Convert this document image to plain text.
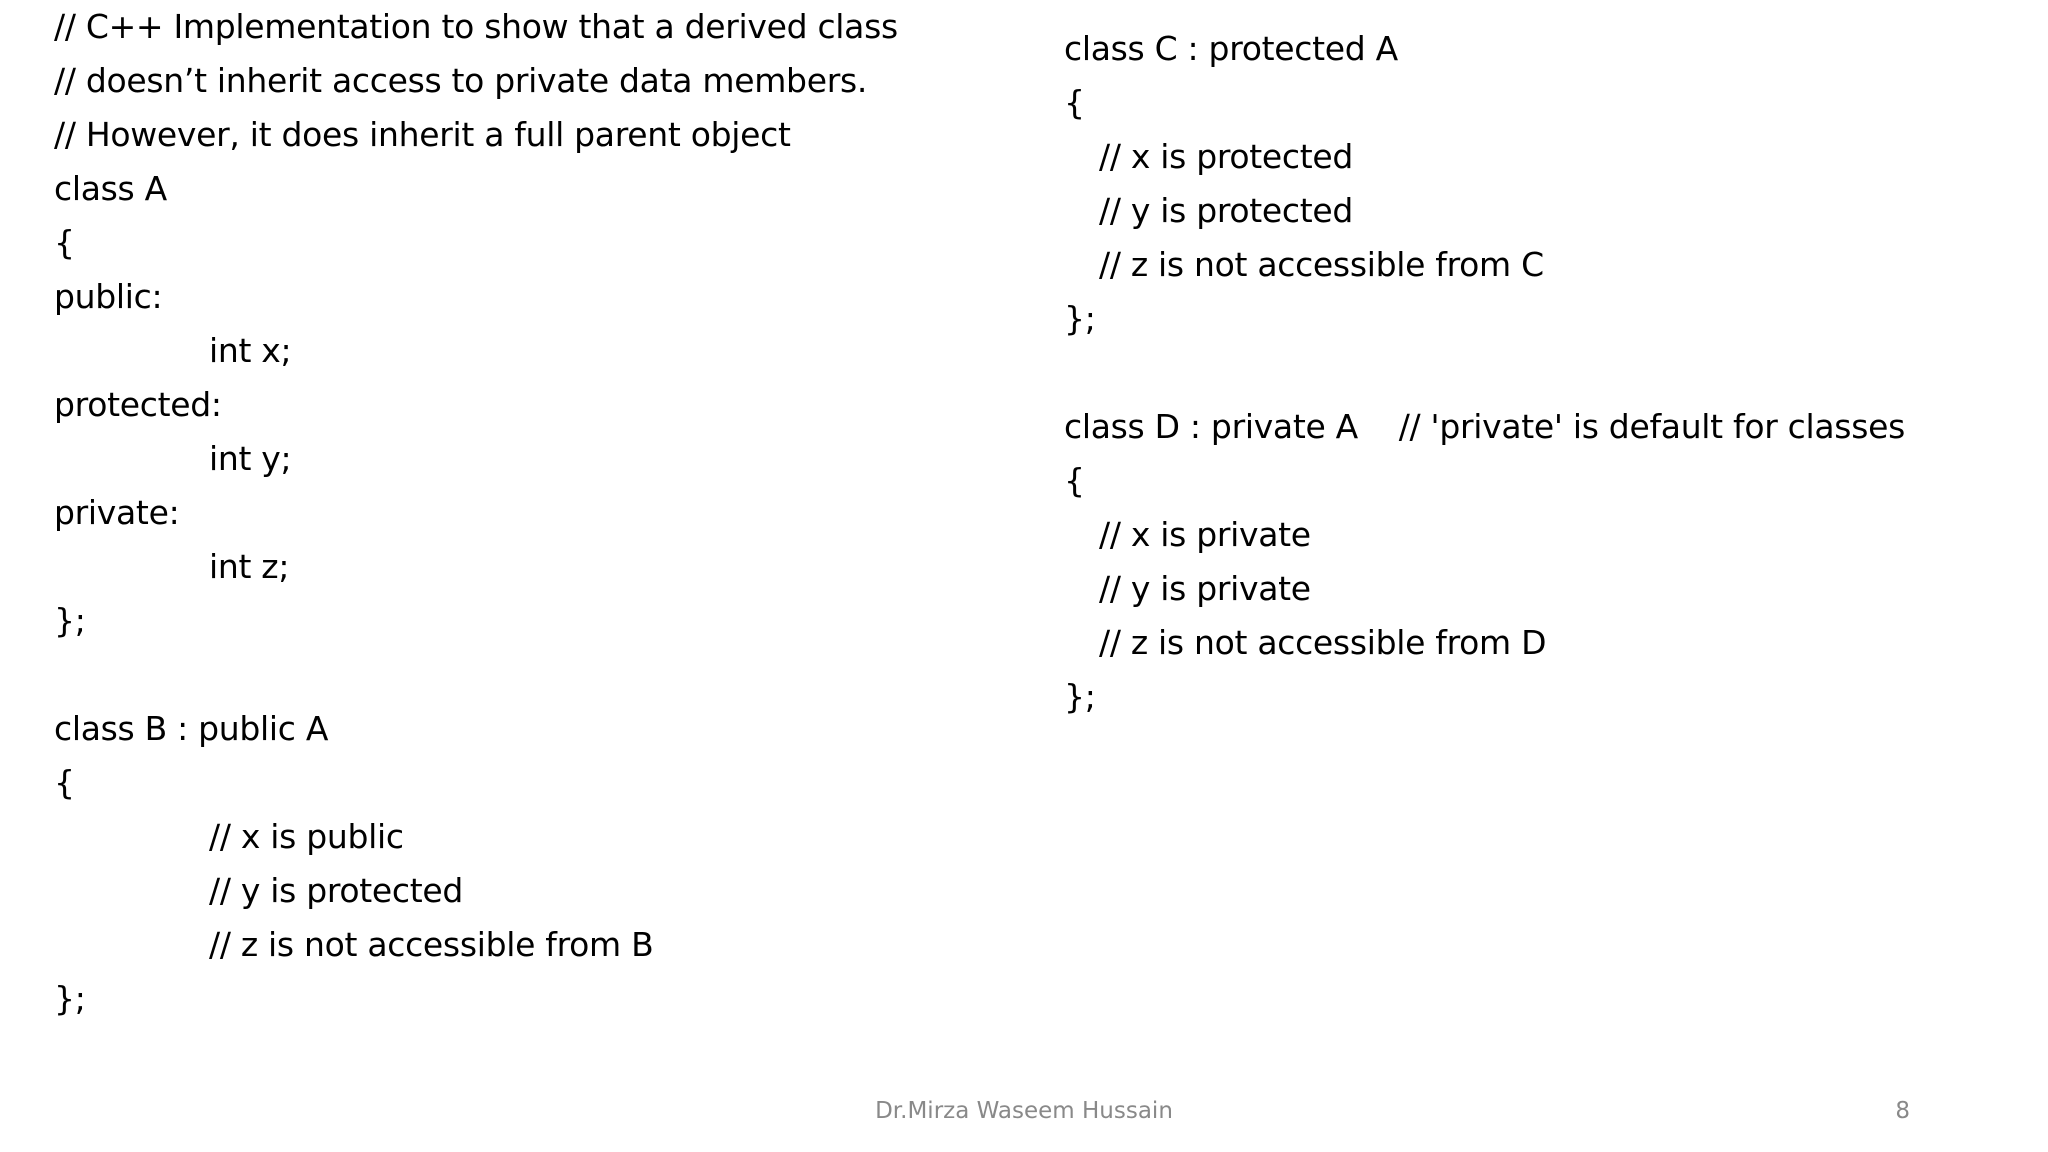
// C++ Implementation to show that a derived class
// doesn’t inherit access to private data members.
// However, it does inherit a full parent object
class A
{
public:
int x;
protected:
int y;
private:
int z;
};
class B : public A
{
// x is public
// y is protected
// z is not accessible from B
};
class C : protected A
{
// x is protected
// y is protected
// z is not accessible from C
};
class D : private A    // 'private' is default for classes
{
// x is private
// y is private
// z is not accessible from D
};
Dr.Mirza Waseem Hussain	8
